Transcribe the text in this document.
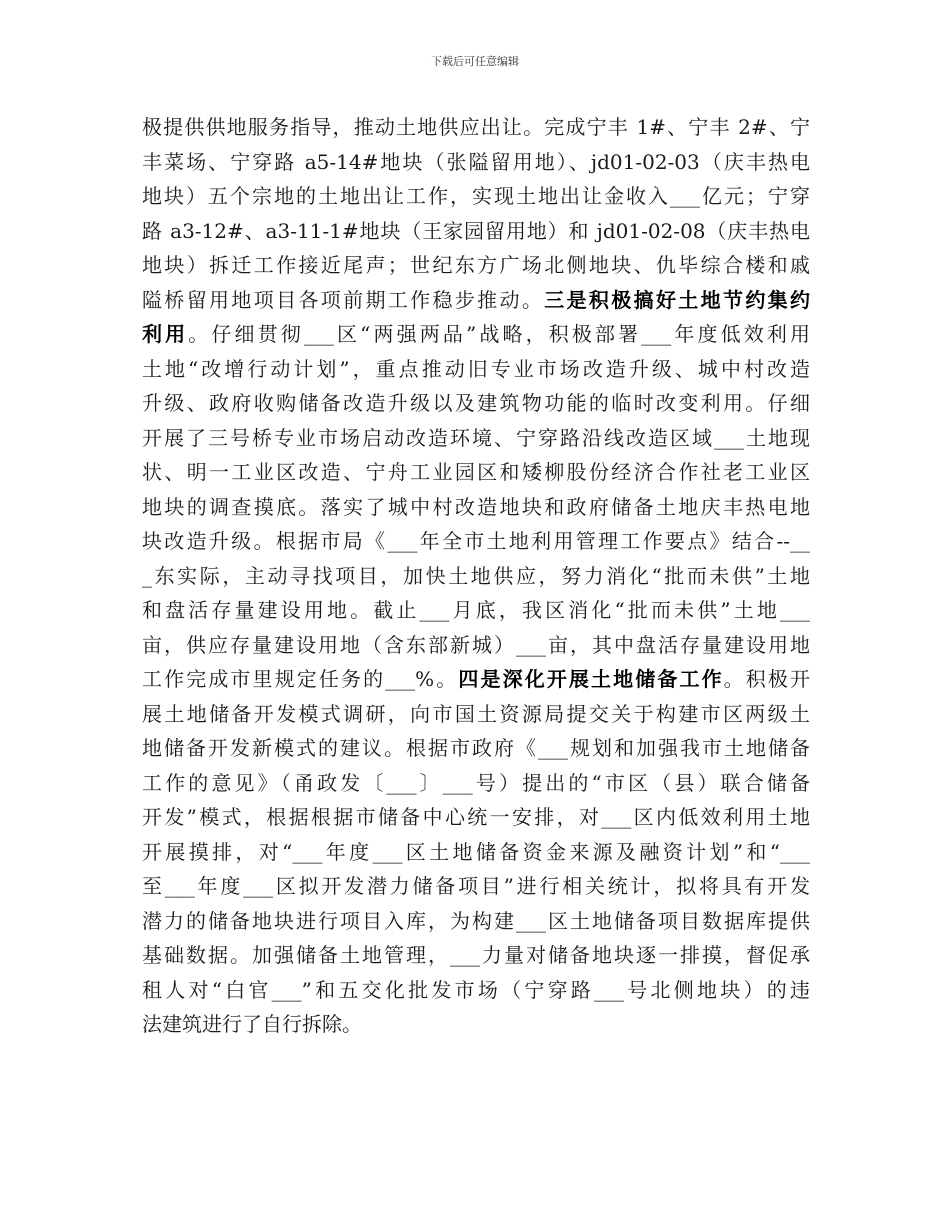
下载后可任意编辑
极提供供地服务指导，推动土地供应出让。完成宁丰 1#、宁丰 2#、宁
丰菜场、宁穿路 a5-14#地块（张隘留用地）、jd01-02-03（庆丰热电
地块）五个宗地的土地出让工作，实现土地出让金收入___亿元；宁穿
路 a3-12#、a3-11-1#地块（王家园留用地）和 jd01-02-08（庆丰热电
地块）拆迁工作接近尾声；世纪东方广场北侧地块、仇毕综合楼和戚
隘桥留用地项目各项前期工作稳步推动。三是积极搞好土地节约集约
利用。仔细贯彻___区“两强两品”战略，积极部署___年度低效利用
土地“改增行动计划”，重点推动旧专业市场改造升级、城中村改造
升级、政府收购储备改造升级以及建筑物功能的临时改变利用。仔细
开展了三号桥专业市场启动改造环境、宁穿路沿线改造区域___土地现
状、明一工业区改造、宁舟工业园区和矮柳股份经济合作社老工业区
地块的调查摸底。落实了城中村改造地块和政府储备土地庆丰热电地
块改造升级。根据市局《___年全市土地利用管理工作要点》结合--__
_东实际，主动寻找项目，加快土地供应，努力消化“批而未供”土地
和盘活存量建设用地。截止___月底，我区消化“批而未供”土地___
亩，供应存量建设用地（含东部新城）___亩，其中盘活存量建设用地
工作完成市里规定任务的___%。四是深化开展土地储备工作。积极开
展土地储备开发模式调研，向市国土资源局提交关于构建市区两级土
地储备开发新模式的建议。根据市政府《___规划和加强我市土地储备
工作的意见》（甬政发〔___〕___号）提出的“市区（县）联合储备
开发”模式，根据根据市储备中心统一安排，对___区内低效利用土地
开展摸排，对“___年度___区土地储备资金来源及融资计划”和“___
至___年度___区拟开发潜力储备项目”进行相关统计，拟将具有开发
潜力的储备地块进行项目入库，为构建___区土地储备项目数据库提供
基础数据。加强储备土地管理，___力量对储备地块逐一排摸，督促承
租人对“白官___”和五交化批发市场（宁穿路___号北侧地块）的违
法建筑进行了自行拆除。
